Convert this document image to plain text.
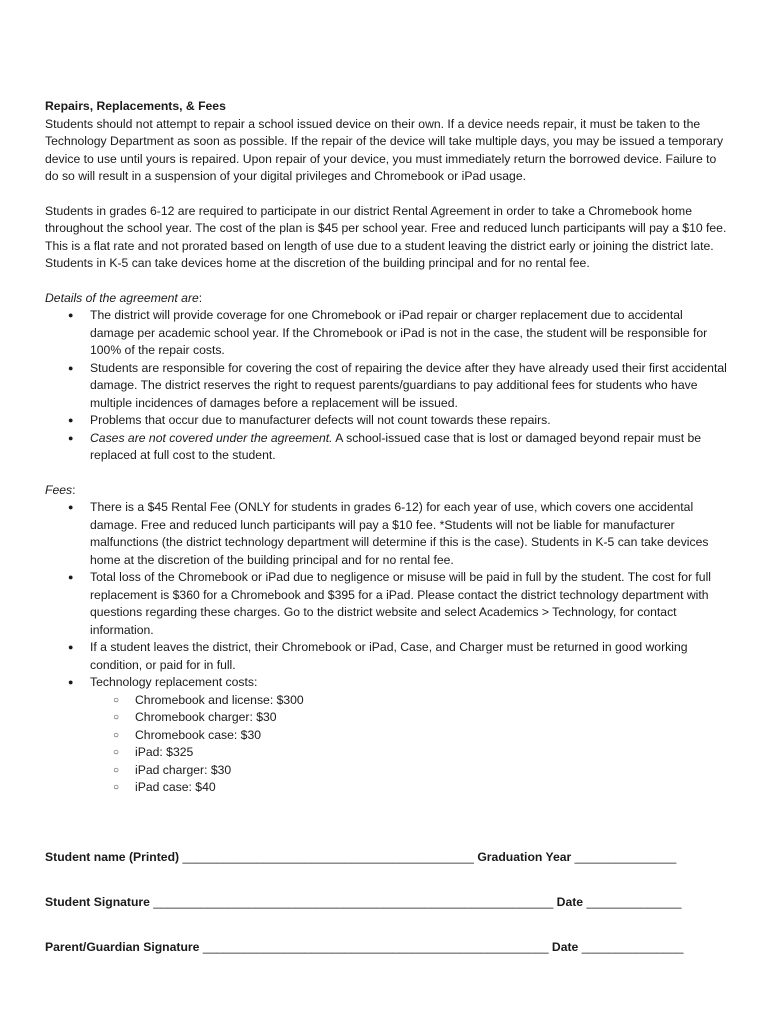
Repairs, Replacements, & Fees

Students should not attempt to repair a school issued device on their own. If a device needs repair, it must be taken to the Technology Department as soon as possible. If the repair of the device will take multiple days, you may be issued a temporary device to use until yours is repaired. Upon repair of your device, you must immediately return the borrowed device. Failure to do so will result in a suspension of your digital privileges and Chromebook or iPad usage.

Students in grades 6-12 are required to participate in our district Rental Agreement in order to take a Chromebook home throughout the school year. The cost of the plan is $45 per school year. Free and reduced lunch participants will pay a $10 fee. This is a flat rate and not prorated based on length of use due to a student leaving the district early or joining the district late. Students in K-5 can take devices home at the discretion of the building principal and for no rental fee.

Details of the agreement are:

● The district will provide coverage for one Chromebook or iPad repair or charger replacement due to accidental damage per academic school year. If the Chromebook or iPad is not in the case, the student will be responsible for 100% of the repair costs.
● Students are responsible for covering the cost of repairing the device after they have already used their first accidental damage. The district reserves the right to request parents/guardians to pay additional fees for students who have multiple incidences of damages before a replacement will be issued.
● Problems that occur due to manufacturer defects will not count towards these repairs.
● Cases are not covered under the agreement. A school-issued case that is lost or damaged beyond repair must be replaced at full cost to the student.

Fees:

● There is a $45 Rental Fee (ONLY for students in grades 6-12) for each year of use, which covers one accidental damage. Free and reduced lunch participants will pay a $10 fee. *Students will not be liable for manufacturer malfunctions (the district technology department will determine if this is the case). Students in K-5 can take devices home at the discretion of the building principal and for no rental fee.
● Total loss of the Chromebook or iPad due to negligence or misuse will be paid in full by the student. The cost for full replacement is $360 for a Chromebook and $395 for a iPad. Please contact the district technology department with questions regarding these charges. Go to the district website and select Academics > Technology, for contact information.
● If a student leaves the district, their Chromebook or iPad, Case, and Charger must be returned in good working condition, or paid for in full.
● Technology replacement costs:
○ Chromebook and license: $300
○ Chromebook charger: $30
○ Chromebook case: $30
○ iPad: $325
○ iPad charger: $30
○ iPad case: $40
Student name (Printed) ___________________________________________ Graduation Year _______________
Student Signature ___________________________________________________________ Date ______________
Parent/Guardian Signature ___________________________________________________ Date _______________
